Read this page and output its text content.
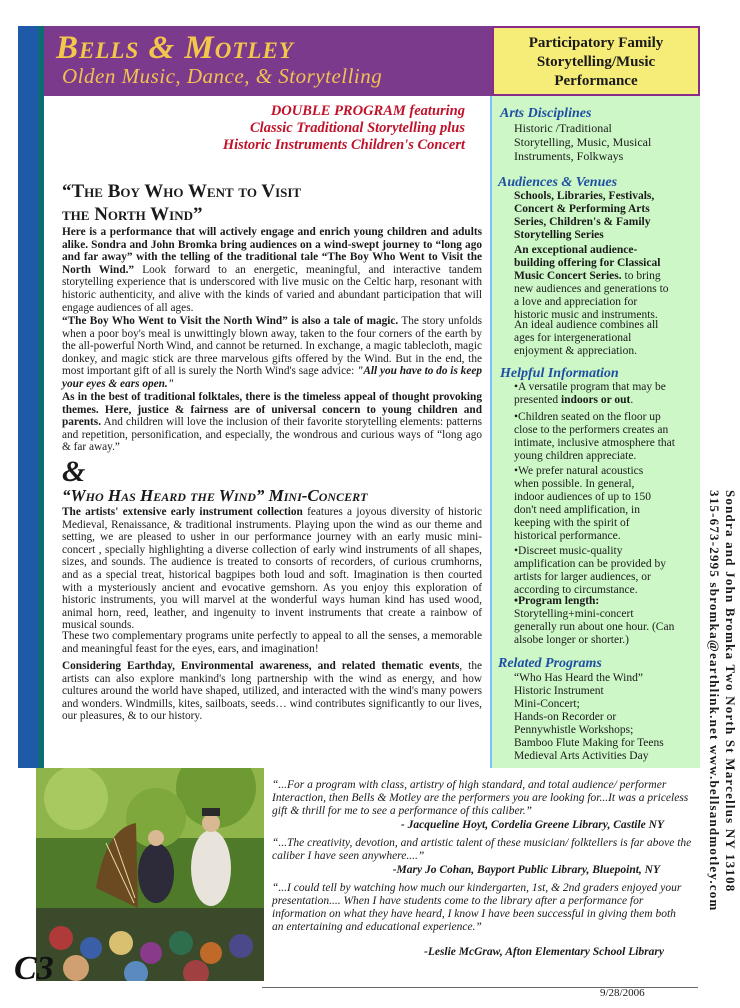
Bells & Motley
Olden Music, Dance, & Storytelling
Participatory Family Storytelling/Music Performance
DOUBLE PROGRAM featuring
Classic Traditional Storytelling plus
Historic Instruments Children's Concert
“The Boy Who Went to Visit
the North Wind”
Here is a performance that will actively engage and enrich young children and adults alike. Sondra and John Bromka bring audiences on a wind-swept journey to “long ago and far away” with the telling of the traditional tale “The Boy Who Went to Visit the North Wind.” Look forward to an energetic, meaningful, and interactive tandem storytelling experience that is underscored with live music on the Celtic harp, resonant with historic authenticity, and alive with the kinds of varied and abundant participation that will engage audiences of all ages.
“The Boy Who Went to Visit the North Wind” is also a tale of magic. The story unfolds when a poor boy's meal is unwittingly blown away, taken to the four corners of the earth by the all-powerful North Wind, and cannot be returned. In exchange, a magic tablecloth, magic donkey, and magic stick are three marvelous gifts offered by the Wind. But in the end, the most important gift of all is surely the North Wind's sage advice: "All you have to do is keep your eyes & ears open."
As in the best of traditional folktales, there is the timeless appeal of thought provoking themes. Here, justice & fairness are of universal concern to young children and parents. And children will love the inclusion of their favorite storytelling elements: patterns and repetition, personification, and especially, the wondrous and curious ways of “long ago & far away.”
&
“Who Has Heard the Wind” Mini-Concert
The artists' extensive early instrument collection features a joyous diversity of historic Medieval, Renaissance, & traditional instruments. Playing upon the wind as our theme and setting, we are pleased to usher in our performance journey with an early music mini-concert , specially highlighting a diverse collection of early wind instruments of all shapes, sizes, and sounds. The audience is treated to consorts of recorders, of curious crumhorns, and as a special treat, historical bagpipes both loud and soft. Imagination is then courted with a mysteriously ancient and evocative gemshorn. As you enjoy this exploration of historic instruments, you will marvel at the wonderful ways human kind has used wood, animal horn, reed, leather, and ingenuity to invent instruments that create a rainbow of musical sounds.
These two complementary programs unite perfectly to appeal to all the senses, a memorable and meaningful feast for the eyes, ears, and imagination!
Considering Earthday, Environmental awareness, and related thematic events, the artists can also explore mankind's long partnership with the wind as energy, and how cultures around the world have shaped, utilized, and interacted with the wind's many powers and wonders. Windmills, kites, sailboats, seeds… wind contributes significantly to our lives, our pleasures, & to our history.
Arts Disciplines
Historic /Traditional Storytelling, Music, Musical Instruments, Folkways
Audiences & Venues
Schools, Libraries, Festivals, Concert & Performing Arts Series, Children's & Family Storytelling Series
An exceptional audience-building offering for Classical Music Concert Series. to bring new audiences and generations to a love and appreciation for historic music and instruments.
An ideal audience combines all ages for intergenerational enjoyment & appreciation.
Helpful Information
•A versatile program that may be presented indoors or out.
•Children seated on the floor up close to the performers creates an intimate, inclusive atmosphere that young children appreciate.
•We prefer natural acoustics when possible. In general, indoor audiences of up to 150 don't need amplification, in keeping with the spirit of historical performance.
•Discreet music-quality amplification can be provided by artists for larger audiences, or according to circumstance.
•Program length:
Storytelling+mini-concert generally run about one hour. (Can alsobe longer or shorter.)
Related Programs
“Who Has Heard the Wind”
Historic Instrument
Mini-Concert;
Hands-on Recorder or
Pennywhistle Workshops;
Bamboo Flute Making for Teens
Medieval Arts Activities Day
“...For a program with class, artistry of high standard, and total audience/ performer Interaction, then Bells & Motley are the performers you are looking for...It was a priceless gift & thrill for me to see a performance of this caliber.”
- Jacqueline Hoyt, Cordelia Greene Library, Castile NY
“...The creativity, devotion, and artistic talent of these musician/ folktellers is far above the caliber I have seen anywhere....”
-Mary Jo Cohan, Bayport Public Library, Bluepoint, NY
“...I could tell by watching how much our kindergarten, 1st, & 2nd graders enjoyed your presentation.... When I have students come to the library after a performance for information on what they have heard, I know I have been successful in giving them both an entertaining and educational experience.”
-Leslie McGraw, Afton Elementary School Library
9/28/2006
C3
Sondra and John Bromka Two North St Marcellus NY 13108
315-673-2995 sbromka@earthlink.net www.bellsandmotley.com
